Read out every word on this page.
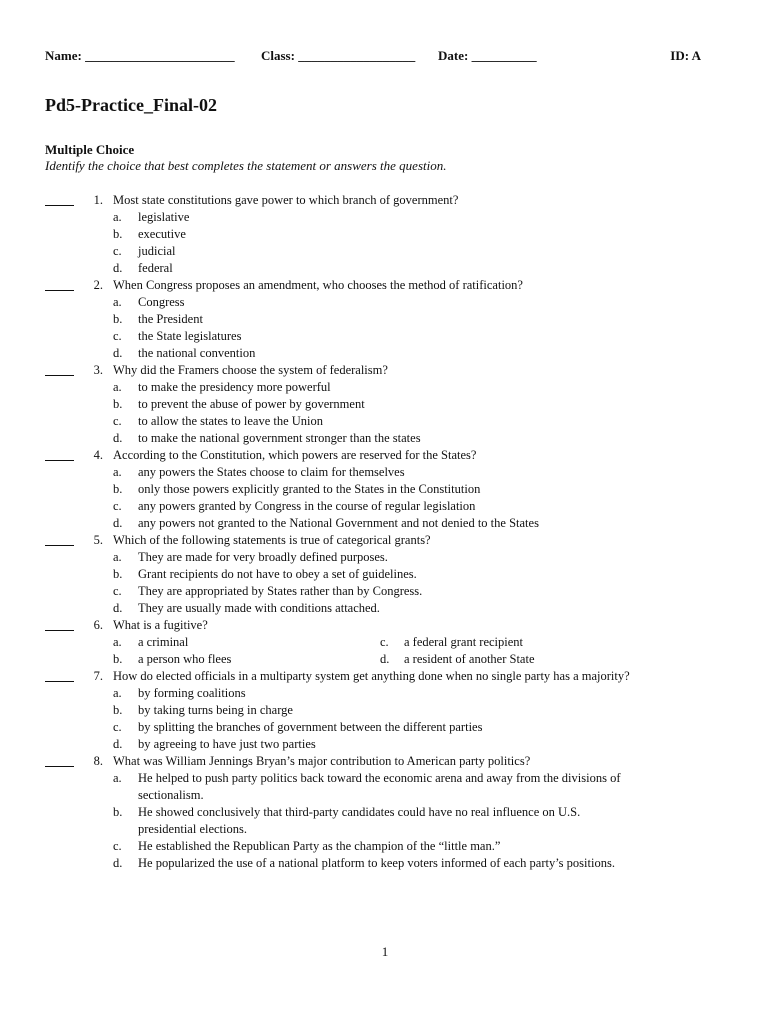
Name: _______________________ Class: __________________ Date: __________	ID: A
Pd5-Practice_Final-02
Multiple Choice
Identify the choice that best completes the statement or answers the question.
1. Most state constitutions gave power to which branch of government?
a. legislative
b. executive
c. judicial
d. federal
2. When Congress proposes an amendment, who chooses the method of ratification?
a. Congress
b. the President
c. the State legislatures
d. the national convention
3. Why did the Framers choose the system of federalism?
a. to make the presidency more powerful
b. to prevent the abuse of power by government
c. to allow the states to leave the Union
d. to make the national government stronger than the states
4. According to the Constitution, which powers are reserved for the States?
a. any powers the States choose to claim for themselves
b. only those powers explicitly granted to the States in the Constitution
c. any powers granted by Congress in the course of regular legislation
d. any powers not granted to the National Government and not denied to the States
5. Which of the following statements is true of categorical grants?
a. They are made for very broadly defined purposes.
b. Grant recipients do not have to obey a set of guidelines.
c. They are appropriated by States rather than by Congress.
d. They are usually made with conditions attached.
6. What is a fugitive?
a. a criminal	c. a federal grant recipient
b. a person who flees	d. a resident of another State
7. How do elected officials in a multiparty system get anything done when no single party has a majority?
a. by forming coalitions
b. by taking turns being in charge
c. by splitting the branches of government between the different parties
d. by agreeing to have just two parties
8. What was William Jennings Bryan’s major contribution to American party politics?
a. He helped to push party politics back toward the economic arena and away from the divisions of sectionalism.
b. He showed conclusively that third-party candidates could have no real influence on U.S. presidential elections.
c. He established the Republican Party as the champion of the “little man.”
d. He popularized the use of a national platform to keep voters informed of each party’s positions.
1
